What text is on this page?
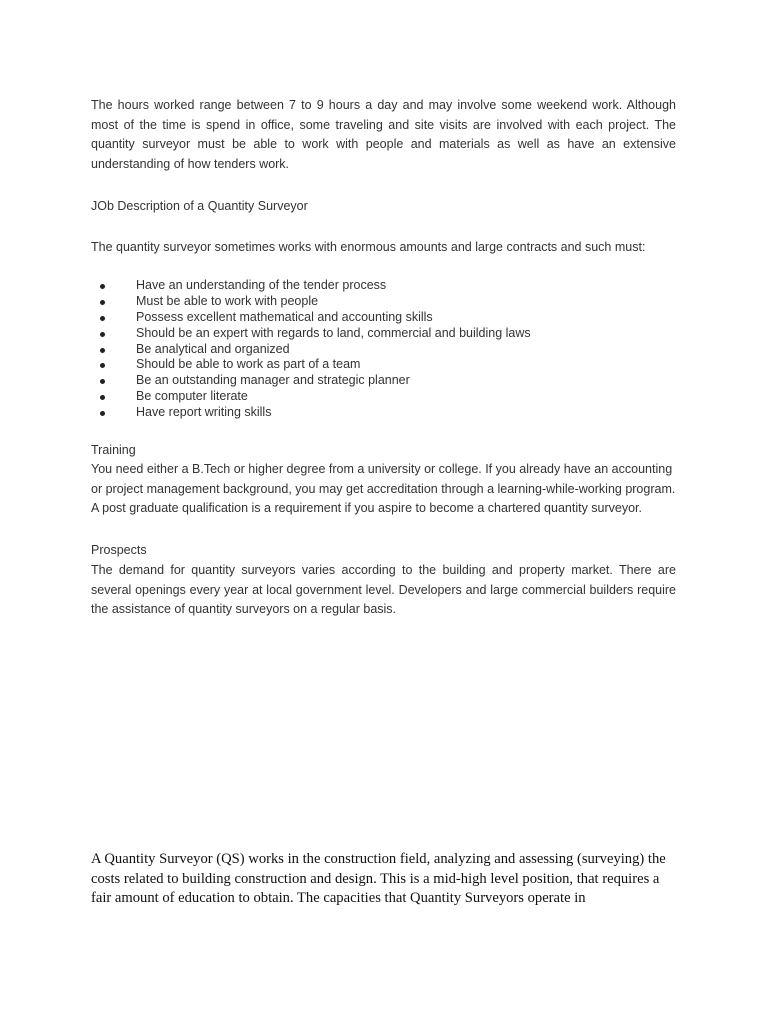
The hours worked range between 7 to 9 hours a day and may involve some weekend work. Although most of the time is spend in office, some traveling and site visits are involved with each project. The quantity surveyor must be able to work with people and materials as well as have an extensive understanding of how tenders work.

JOb Description of a Quantity Surveyor

The quantity surveyor sometimes works with enormous amounts and large contracts and such must:

Have an understanding of the tender process
Must be able to work with people
Possess excellent mathematical and accounting skills
Should be an expert with regards to land, commercial and building laws
Be analytical and organized
Should be able to work as part of a team
Be an outstanding manager and strategic planner
Be computer literate
Have report writing skills

Training

You need either a B.Tech or higher degree from a university or college. If you already have an accounting or project management background, you may get accreditation through a learning-while-working program. A post graduate qualification is a requirement if you aspire to become a chartered quantity surveyor.

Prospects

The demand for quantity surveyors varies according to the building and property market. There are several openings every year at local government level. Developers and large commercial builders require the assistance of quantity surveyors on a regular basis.

A Quantity Surveyor (QS) works in the construction field, analyzing and assessing (surveying) the costs related to building construction and design. This is a mid-high level position, that requires a fair amount of education to obtain. The capacities that Quantity Surveyors operate in
